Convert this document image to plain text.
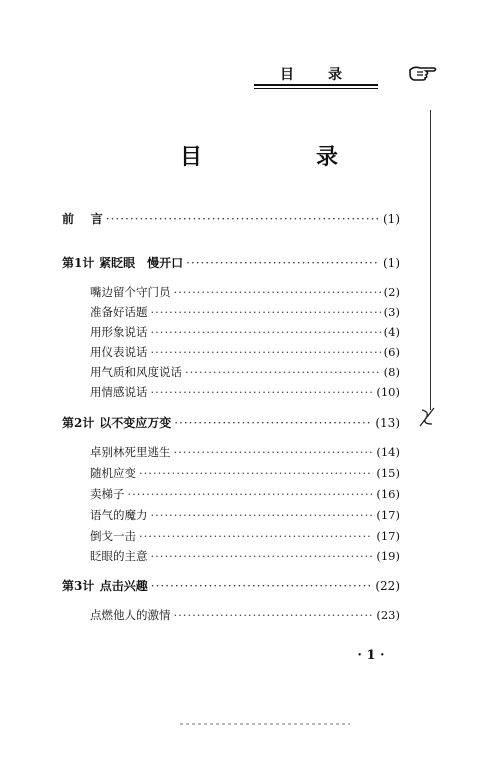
目　录
目　录
前 言 ·····	( 1 )
第1计 紧眨眼　慢开口 ·····	( 1 )
嘴边留个守门员 ·····	( 2 )
准备好话题 ·····	( 3 )
用形象说话 ·····	( 4 )
用仪表说话 ·····	( 6 )
用气质和风度说话 ·····	( 8 )
用情感说话 ·····	( 10 )
第2计 以不变应万变 ·····	( 13 )
卓别林死里逃生 ·····	( 14 )
随机应变 ·····	( 15 )
卖梯子 ·····	( 16 )
语气的魔力 ·····	( 17 )
倒戈一击 ·····	( 17 )
眨眼的主意 ·····	( 19 )
第3计 点击兴趣 ·····	( 22 )
点燃他人的激情 ·····	( 23 )
· 1 ·
